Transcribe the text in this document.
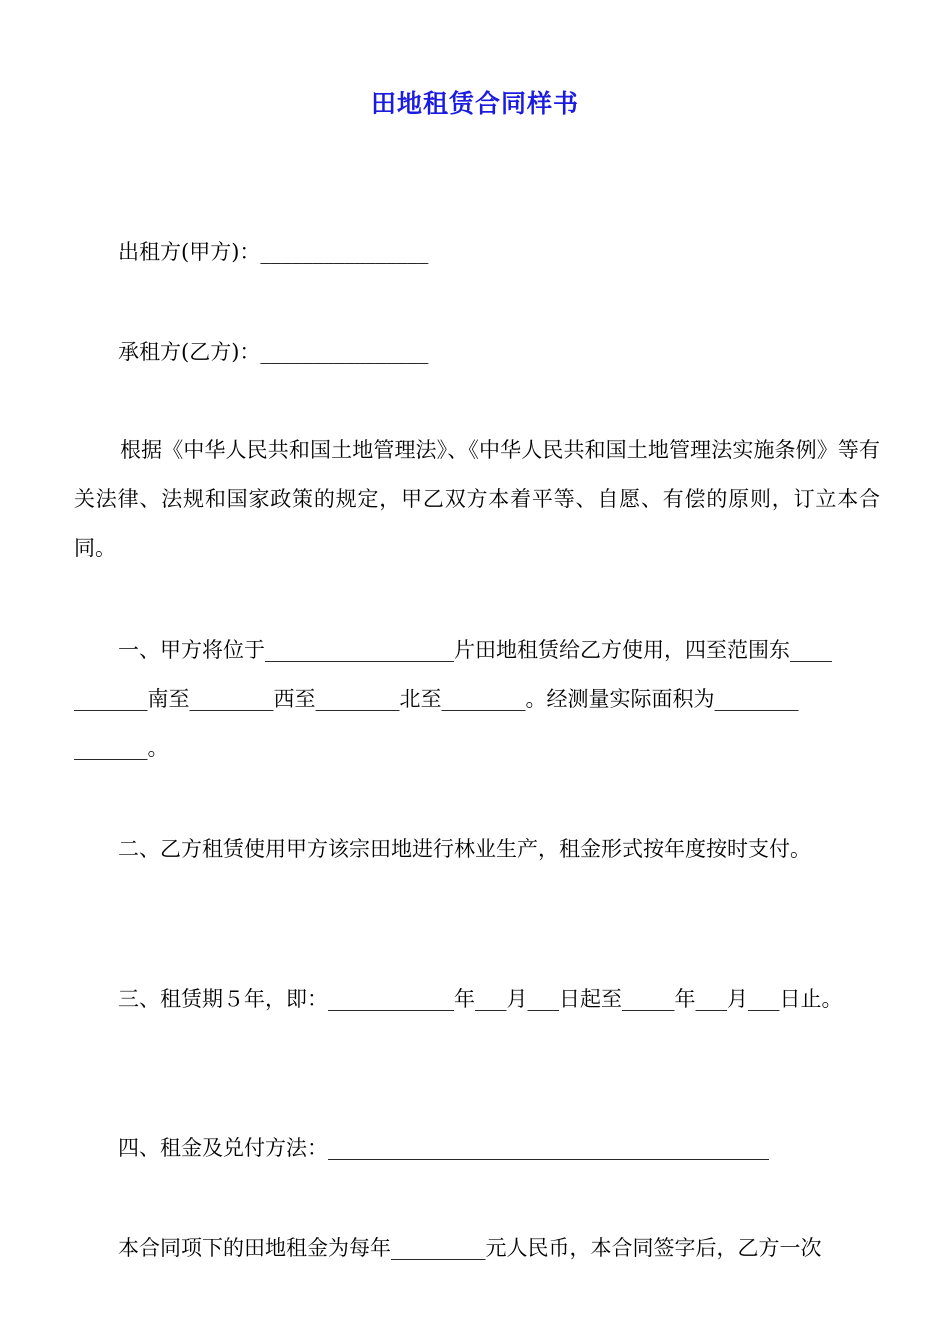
田地租赁合同样书
出租方(甲方)：________________
承租方(乙方)：________________
根据《中华人民共和国土地管理法》、《中华人民共和国土地管理法实施条例》等有关法律、法规和国家政策的规定，甲乙双方本着平等、自愿、有偿的原则，订立本合同。
一、甲方将位于__________________片田地租赁给乙方使用，四至范围东____
_______南至________西至________北至________。经测量实际面积为________
_______。
二、乙方租赁使用甲方该宗田地进行林业生产，租金形式按年度按时支付。
三、租赁期５年，即：____________年___月___日起至_____年___月___日止。
四、租金及兑付方法：__________________________________________
本合同项下的田地租金为每年_________元人民币，本合同签字后，乙方一次
